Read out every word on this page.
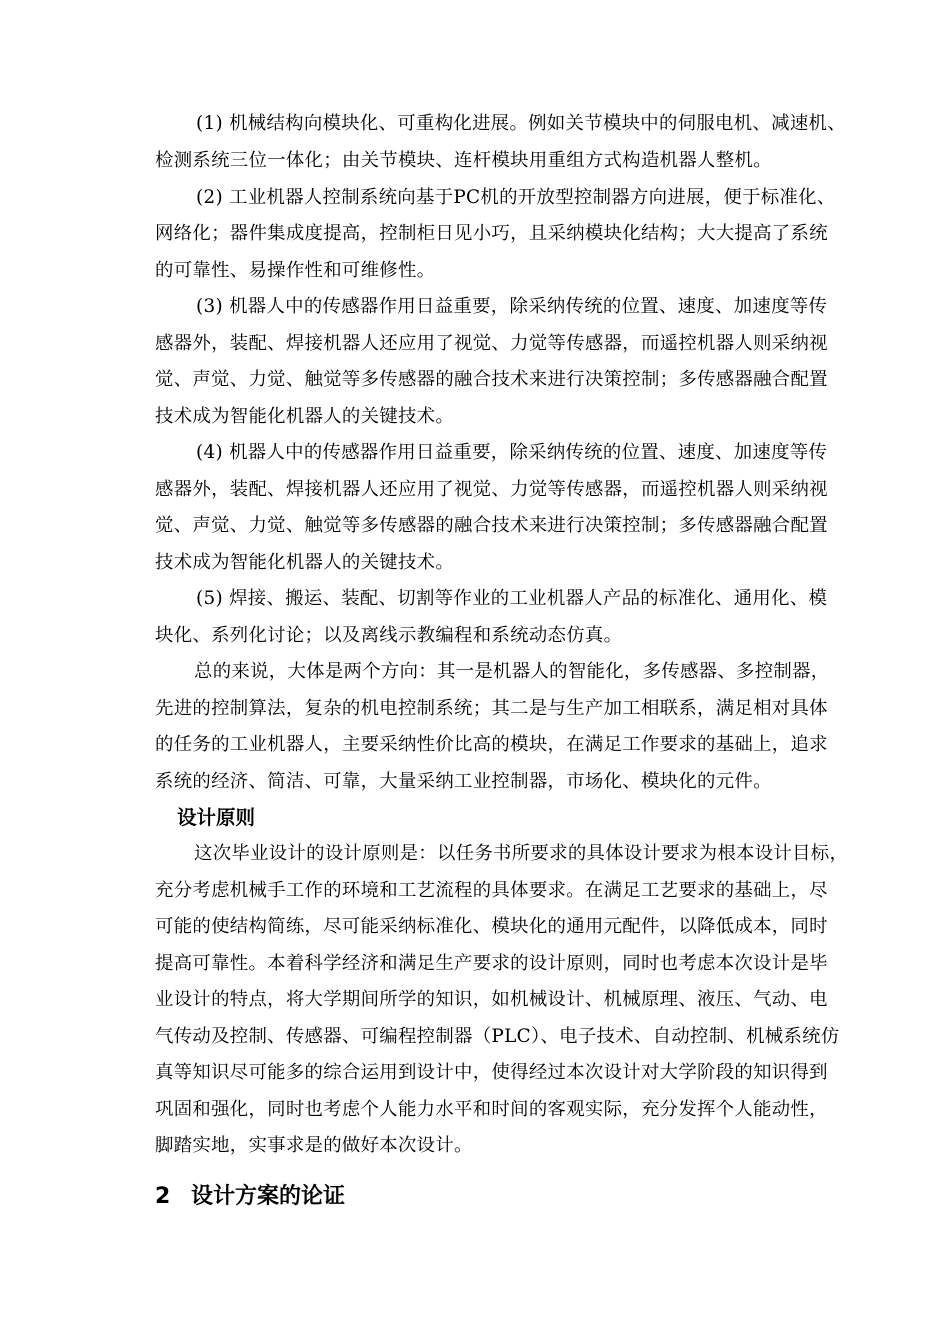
(1) 机械结构向模块化、可重构化进展。例如关节模块中的伺服电机、减速机、
检测系统三位一体化；由关节模块、连杆模块用重组方式构造机器人整机。
(2) 工业机器人控制系统向基于PC机的开放型控制器方向进展，便于标准化、
网络化；器件集成度提高，控制柜日见小巧，且采纳模块化结构；大大提高了系统
的可靠性、易操作性和可维修性。
(3) 机器人中的传感器作用日益重要，除采纳传统的位置、速度、加速度等传
感器外，装配、焊接机器人还应用了视觉、力觉等传感器，而遥控机器人则采纳视
觉、声觉、力觉、触觉等多传感器的融合技术来进行决策控制；多传感器融合配置
技术成为智能化机器人的关键技术。
(4) 机器人中的传感器作用日益重要，除采纳传统的位置、速度、加速度等传
感器外，装配、焊接机器人还应用了视觉、力觉等传感器，而遥控机器人则采纳视
觉、声觉、力觉、触觉等多传感器的融合技术来进行决策控制；多传感器融合配置
技术成为智能化机器人的关键技术。
(5) 焊接、搬运、装配、切割等作业的工业机器人产品的标准化、通用化、模
块化、系列化讨论；以及离线示教编程和系统动态仿真。
总的来说，大体是两个方向：其一是机器人的智能化，多传感器、多控制器，
先进的控制算法，复杂的机电控制系统；其二是与生产加工相联系，满足相对具体
的任务的工业机器人，主要采纳性价比高的模块，在满足工作要求的基础上，追求
系统的经济、简洁、可靠，大量采纳工业控制器，市场化、模块化的元件。
设计原则
这次毕业设计的设计原则是：以任务书所要求的具体设计要求为根本设计目标，
充分考虑机械手工作的环境和工艺流程的具体要求。在满足工艺要求的基础上，尽
可能的使结构简练，尽可能采纳标准化、模块化的通用元配件，以降低成本，同时
提高可靠性。本着科学经济和满足生产要求的设计原则，同时也考虑本次设计是毕
业设计的特点，将大学期间所学的知识，如机械设计、机械原理、液压、气动、电
气传动及控制、传感器、可编程控制器（PLC）、电子技术、自动控制、机械系统仿
真等知识尽可能多的综合运用到设计中，使得经过本次设计对大学阶段的知识得到
巩固和强化，同时也考虑个人能力水平和时间的客观实际，充分发挥个人能动性，
脚踏实地，实事求是的做好本次设计。
2 设计方案的论证
